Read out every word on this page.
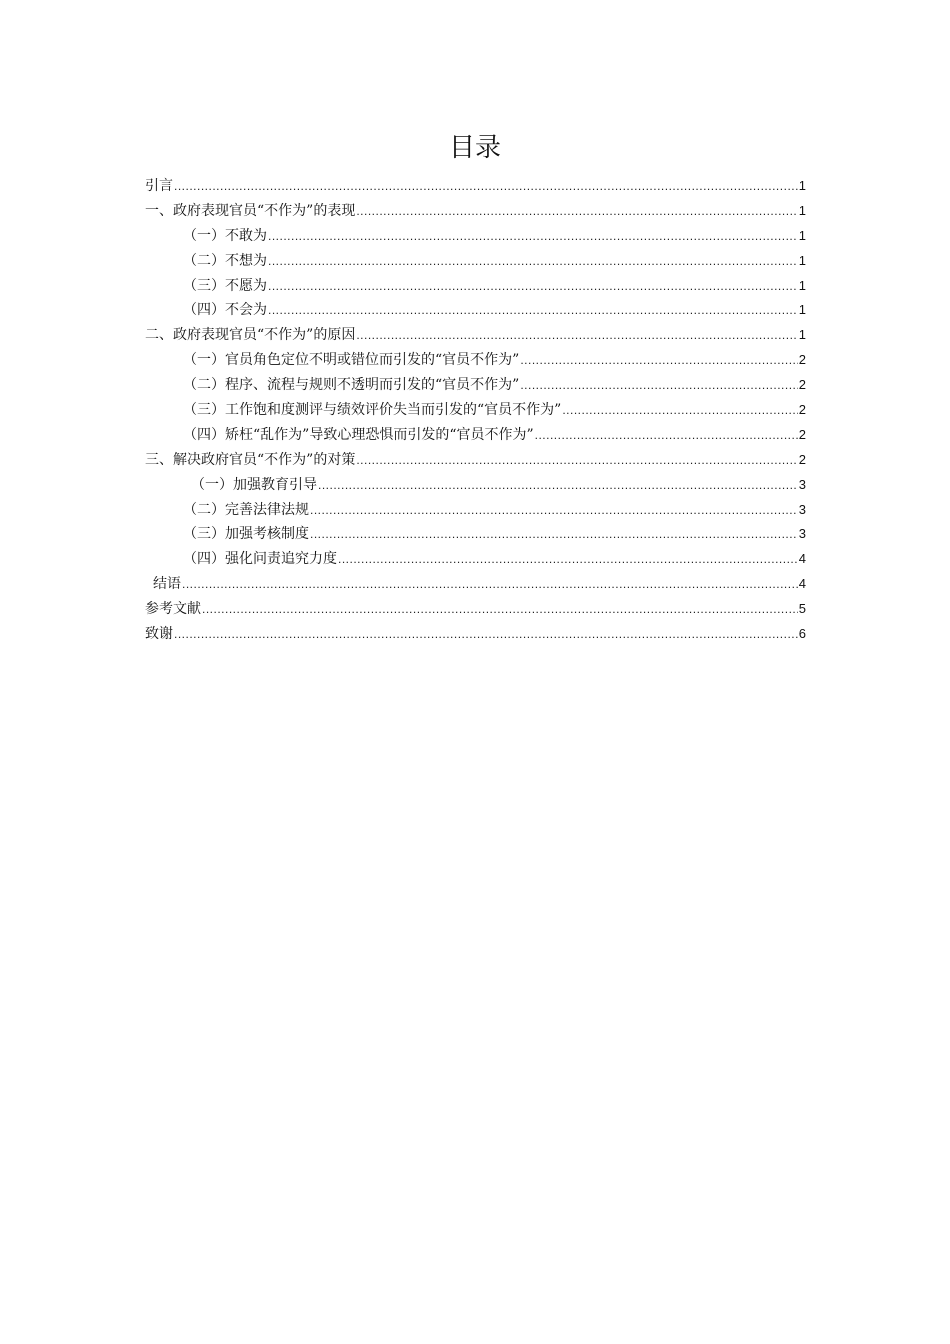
目录
引言 .....	1
一、政府表现官员“不作为”的表现 .....	1
（一）不敢为 .....	1
（二）不想为 .....	1
（三）不愿为 .....	1
（四）不会为 .....	1
二、政府表现官员“不作为”的原因 .....	1
（一）官员角色定位不明或错位而引发的“官员不作为” .....	2
（二）程序、流程与规则不透明而引发的“官员不作为” .....	2
（三）工作饱和度测评与绩效评价失当而引发的“官员不作为” .....	2
（四）矫枉“乱作为”导致心理恐惧而引发的“官员不作为” .....	2
三、解决政府官员“不作为”的对策 .....	2
（一）加强教育引导 .....	3
（二）完善法律法规 .....	3
（三）加强考核制度 .....	3
（四）强化问责追究力度 .....	4
结语 .....	4
参考文献 .....	5
致谢 .....	6
